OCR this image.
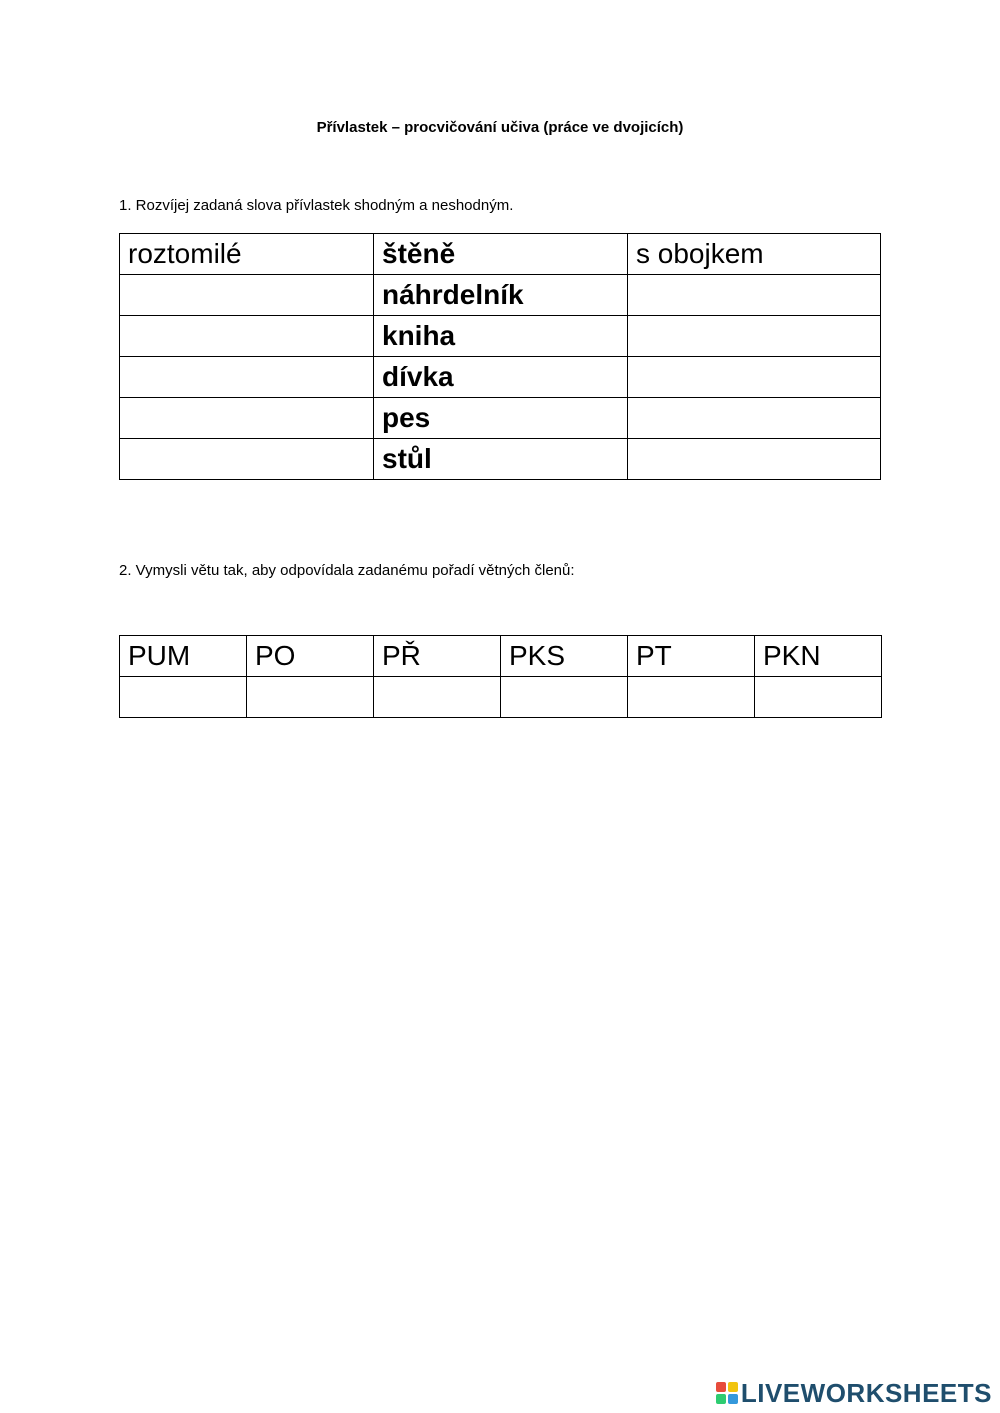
Přívlastek – procvičování učiva (práce ve dvojicích)
1. Rozvíjej zadaná slova přívlastek shodným a neshodným.
roztomilé	štěně	s obojkem
	náhrdelník	
	kniha	
	dívka	
	pes	
	stůl	
2. Vymysli větu tak, aby odpovídala zadanému pořadí větných členů:
PUM	PO	PŘ	PKS	PT	PKN

LIVEWORKSHEETS
